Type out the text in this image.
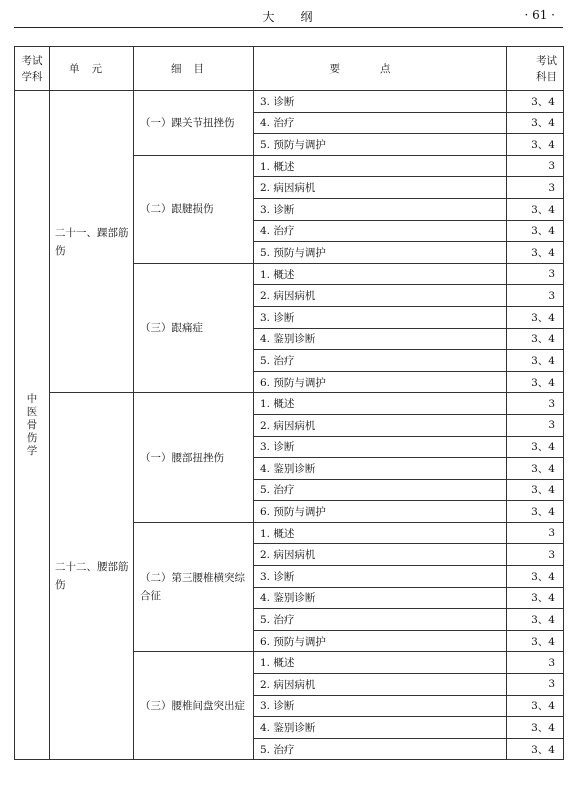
大纲	· 61 ·
考试学科	单元	细目	要点	考试
科目

中医骨伤学	二十一、踝部筋伤	（一）踝关节扭挫伤	3. 诊断	3、4
			4. 治疗	3、4
			5. 预防与调护	3、4
		（二）跟腱损伤	1. 概述	3
			2. 病因病机	3
			3. 诊断	3、4
			4. 治疗	3、4
			5. 预防与调护	3、4
		（三）跟痛症	1. 概述	3
			2. 病因病机	3
			3. 诊断	3、4
			4. 鉴别诊断	3、4
			5. 治疗	3、4
			6. 预防与调护	3、4
	二十二、腰部筋伤	（一）腰部扭挫伤	1. 概述	3
			2. 病因病机	3
			3. 诊断	3、4
			4. 鉴别诊断	3、4
			5. 治疗	3、4
			6. 预防与调护	3、4
		（二）第三腰椎横突综合征	1. 概述	3
			2. 病因病机	3
			3. 诊断	3、4
			4. 鉴别诊断	3、4
			5. 治疗	3、4
			6. 预防与调护	3、4
		（三）腰椎间盘突出症	1. 概述	3
			2. 病因病机	3
			3. 诊断	3、4
			4. 鉴别诊断	3、4
			5. 治疗	3、4
